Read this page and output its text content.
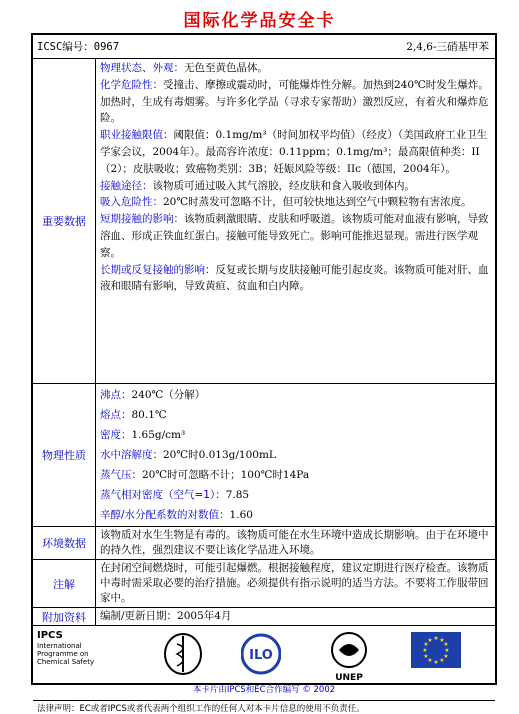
国际化学品安全卡
ICSC编号：0967	2,4,6-三硝基甲苯
重要数据
物理状态、外观：无色至黄色晶体。
化学危险性：受撞击、摩擦或震动时，可能爆炸性分解。加热到240℃时发生爆炸。加热时，生成有毒烟雾。与许多化学品（寻求专家帮助）激烈反应，有着火和爆炸危险。
职业接触限值：阈限值：0.1mg/m³（时间加权平均值）（经皮）（美国政府工业卫生学家会议，2004年）。最高容许浓度：0.11ppm；0.1mg/m³；最高限值种类：II（2）；皮肤吸收；致癌物类别：3B；妊娠风险等级：IIc（德国，2004年）。
接触途径：该物质可通过吸入其气溶胶，经皮肤和食入吸收到体内。
吸入危险性：20℃时蒸发可忽略不计，但可较快地达到空气中颗粒物有害浓度。
短期接触的影响：该物质刺激眼睛、皮肤和呼吸道。该物质可能对血液有影响，导致溶血、形成正铁血红蛋白。接触可能导致死亡。影响可能推迟显现。需进行医学观察。
长期或反复接触的影响：反复或长期与皮肤接触可能引起皮炎。该物质可能对肝、血液和眼睛有影响，导致黄疸、贫血和白内障。
物理性质
沸点：240℃（分解）
熔点：80.1℃
密度：1.65g/cm³
水中溶解度：20℃时0.013g/100mL
蒸气压：20℃时可忽略不计；100℃时14Pa
蒸气相对密度（空气=1）：7.85
辛醇/水分配系数的对数值：1.60
环境数据
该物质对水生生物是有毒的。该物质可能在水生环境中造成长期影响。由于在环境中的持久性，强烈建议不要让该化学品进入环境。
注解
在封闭空间燃烧时，可能引起爆燃。根据接触程度，建议定期进行医疗检查。该物质中毒时需采取必要的治疗措施。必须提供有指示说明的适当方法。不要将工作服带回家中。
附加资料	编制/更新日期：2005年4月
IPCS
International
Programme on
Chemical Safety	ILO
UNEP
★ ★
★
★
★
★
★
★
★
★
★
★
本卡片由IPCS和EC合作编写 © 2002
法律声明：EC或者IPCS或者代表两个组织工作的任何人对本卡片信息的使用不负责任。
